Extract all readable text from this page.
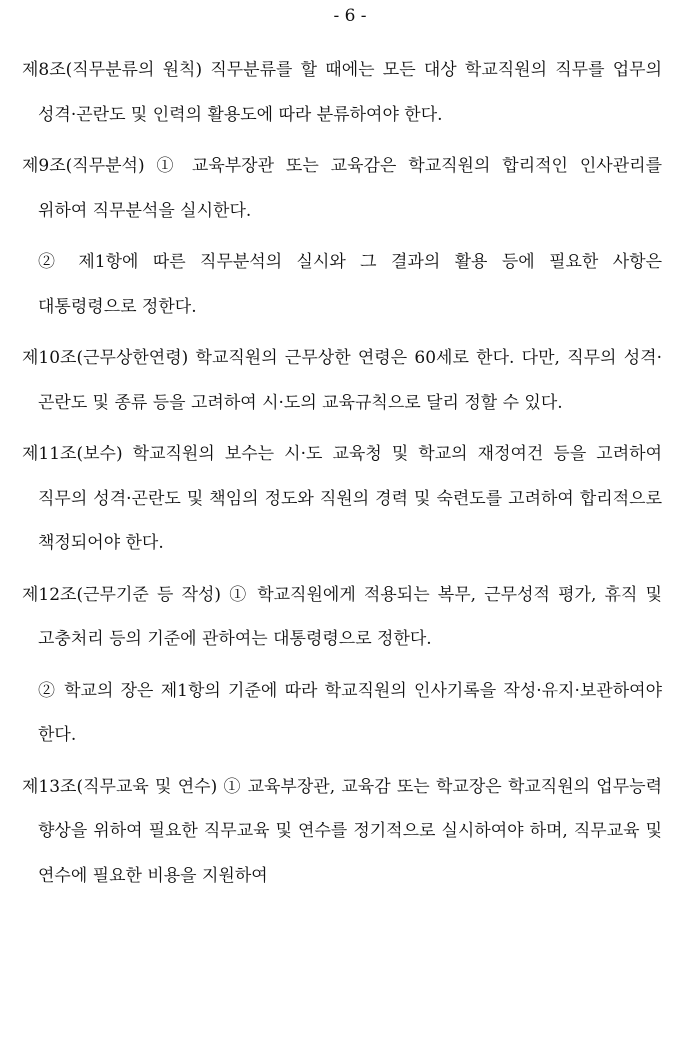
- 6 -

제8조(직무분류의 원칙) 직무분류를 할 때에는 모든 대상 학교직원의 직무를 업무의 성격·곤란도 및 인력의 활용도에 따라 분류하여야 한다.

제9조(직무분석) ① 교육부장관 또는 교육감은 학교직원의 합리적인 인사관리를 위하여 직무분석을 실시한다.

② 제1항에 따른 직무분석의 실시와 그 결과의 활용 등에 필요한 사항은 대통령령으로 정한다.

제10조(근무상한연령) 학교직원의 근무상한 연령은 60세로 한다. 다만, 직무의 성격·곤란도 및 종류 등을 고려하여 시·도의 교육규칙으로 달리 정할 수 있다.

제11조(보수) 학교직원의 보수는 시·도 교육청 및 학교의 재정여건 등을 고려하여 직무의 성격·곤란도 및 책임의 정도와 직원의 경력 및 숙련도를 고려하여 합리적으로 책정되어야 한다.

제12조(근무기준 등 작성) ① 학교직원에게 적용되는 복무, 근무성적 평가, 휴직 및 고충처리 등의 기준에 관하여는 대통령령으로 정한다.

② 학교의 장은 제1항의 기준에 따라 학교직원의 인사기록을 작성·유지·보관하여야 한다.

제13조(직무교육 및 연수) ① 교육부장관, 교육감 또는 학교장은 학교직원의 업무능력 향상을 위하여 필요한 직무교육 및 연수를 정기적으로 실시하여야 하며, 직무교육 및 연수에 필요한 비용을 지원하여
